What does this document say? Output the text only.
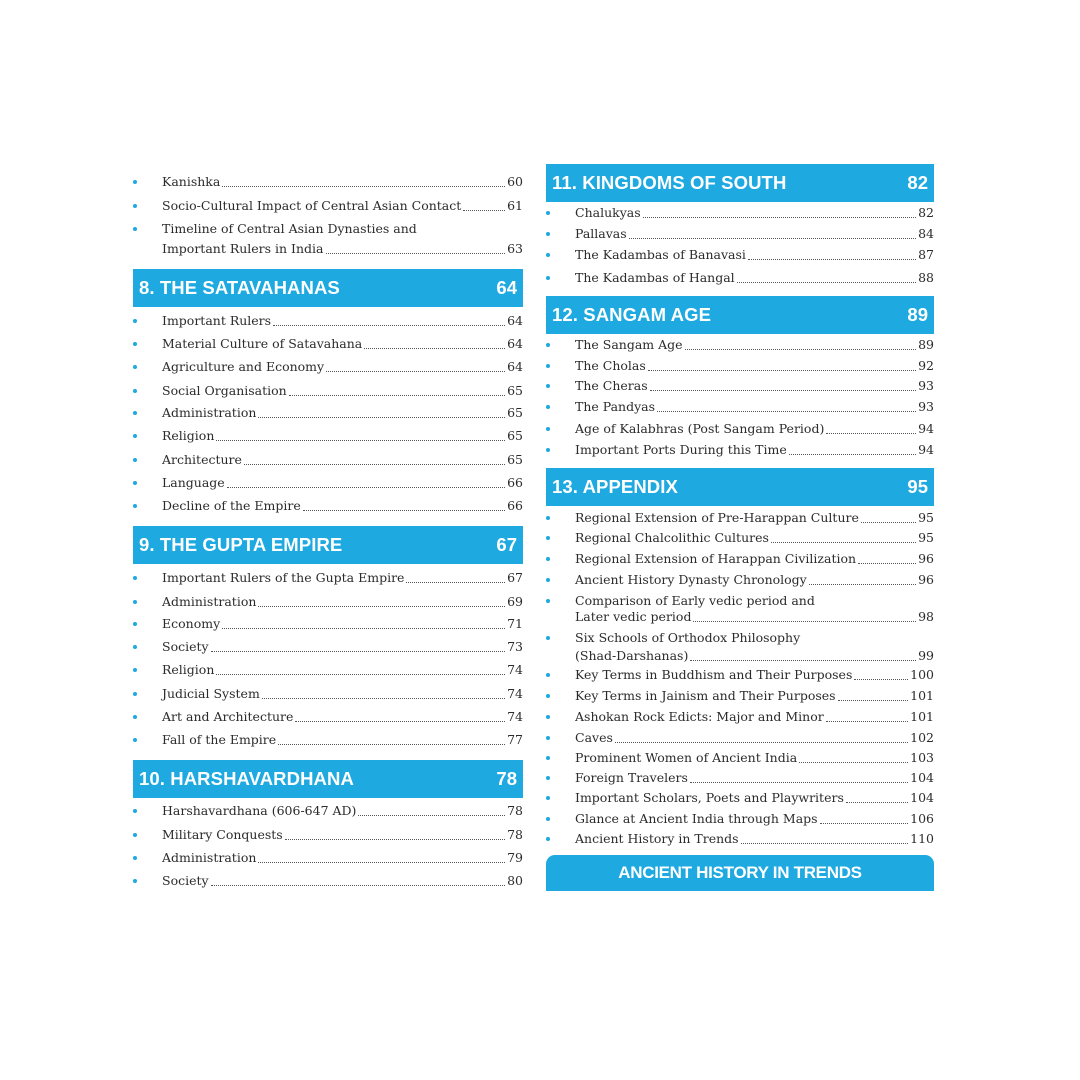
Kanishka	60
Socio-Cultural Impact of Central Asian Contact	61
Timeline of Central Asian Dynasties and
Important Rulers in India	63
8. THE SATAVAHANAS	64
Important Rulers	64
Material Culture of Satavahana	64
Agriculture and Economy	64
Social Organisation	65
Administration	65
Religion	65
Architecture	65
Language	66
Decline of the Empire	66
9. THE GUPTA EMPIRE	67
Important Rulers of the Gupta Empire	67
Administration	69
Economy	71
Society	73
Religion	74
Judicial System	74
Art and Architecture	74
Fall of the Empire	77
10. HARSHAVARDHANA	78
Harshavardhana (606-647 AD)	78
Military Conquests	78
Administration	79
Society	80
11. KINGDOMS OF SOUTH	82
Chalukyas	82
Pallavas	84
The Kadambas of Banavasi	87
The Kadambas of Hangal	88
12. SANGAM AGE	89
The Sangam Age	89
The Cholas	92
The Cheras	93
The Pandyas	93
Age of Kalabhras (Post Sangam Period)	94
Important Ports During this Time	94
13. APPENDIX	95
Regional Extension of Pre-Harappan Culture	95
Regional Chalcolithic Cultures	95
Regional Extension of Harappan Civilization	96
Ancient History Dynasty Chronology	96
Comparison of Early vedic period and
Later vedic period	98
Six Schools of Orthodox Philosophy
(Shad-Darshanas)	99
Key Terms in Buddhism and Their Purposes	100
Key Terms in Jainism and Their Purposes	101
Ashokan Rock Edicts: Major and Minor	101
Caves	102
Prominent Women of Ancient India	103
Foreign Travelers	104
Important Scholars, Poets and Playwriters	104
Glance at Ancient India through Maps	106
Ancient History in Trends	110
ANCIENT HISTORY IN TRENDS
